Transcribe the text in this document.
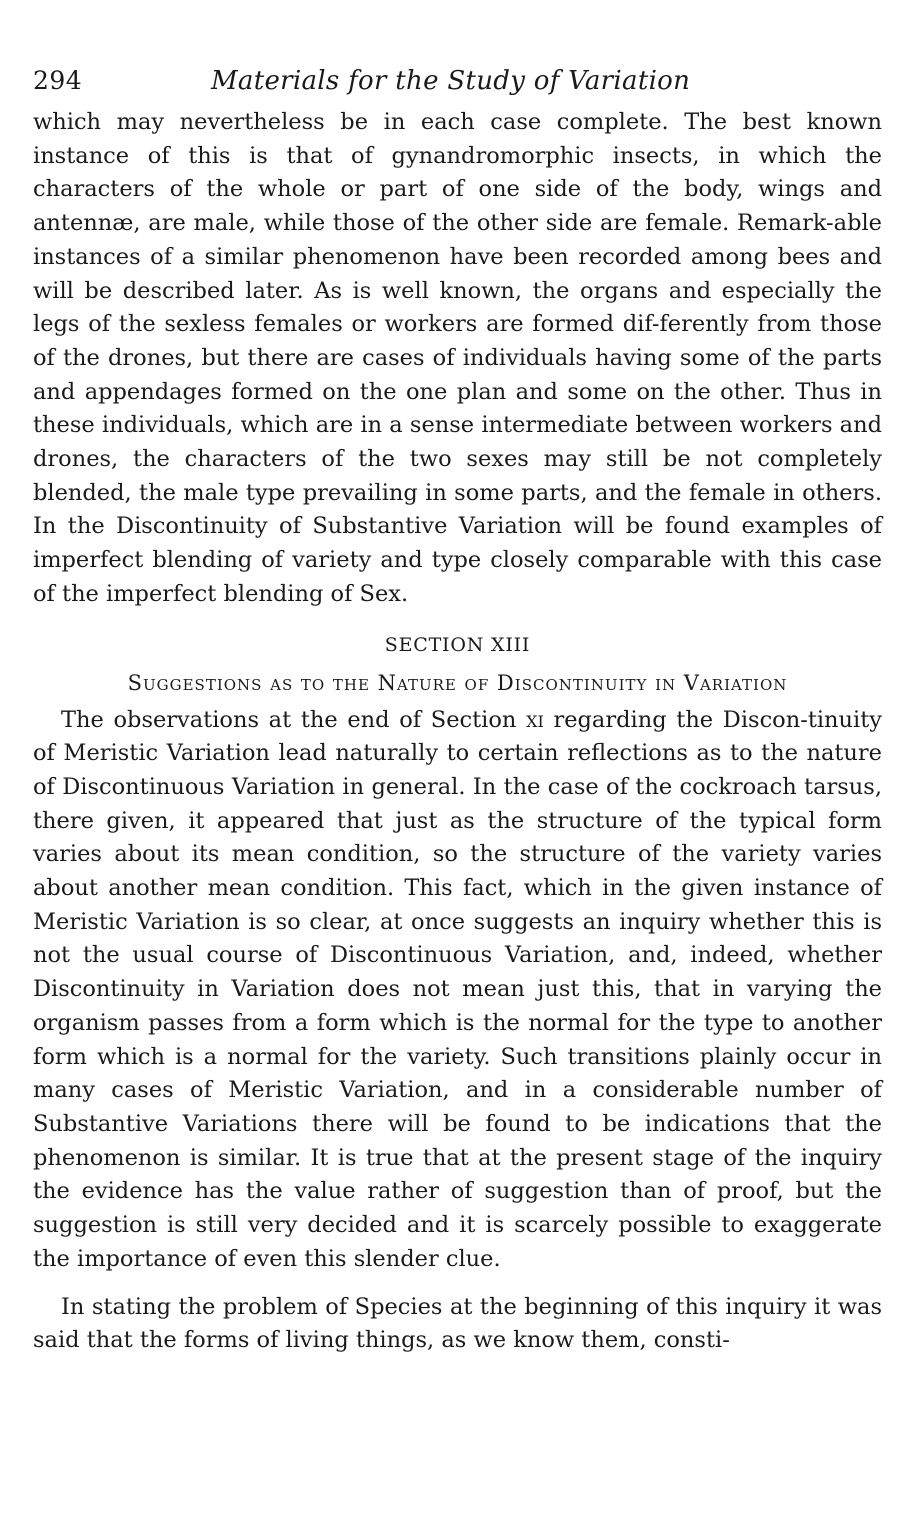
294	Materials for the Study of Variation

which may nevertheless be in each case complete. The best known instance of this is that of gynandromorphic insects, in which the characters of the whole or part of one side of the body, wings and antennæ, are male, while those of the other side are female. Remark-able instances of a similar phenomenon have been recorded among bees and will be described later. As is well known, the organs and especially the legs of the sexless females or workers are formed dif-ferently from those of the drones, but there are cases of individuals having some of the parts and appendages formed on the one plan and some on the other. Thus in these individuals, which are in a sense intermediate between workers and drones, the characters of the two sexes may still be not completely blended, the male type prevailing in some parts, and the female in others. In the Discontinuity of Substantive Variation will be found examples of imperfect blending of variety and type closely comparable with this case of the imperfect blending of Sex.

SECTION XIII
Suggestions as to the Nature of Discontinuity in Variation

The observations at the end of Section xi regarding the Discon-tinuity of Meristic Variation lead naturally to certain reflections as to the nature of Discontinuous Variation in general. In the case of the cockroach tarsus, there given, it appeared that just as the structure of the typical form varies about its mean condition, so the structure of the variety varies about another mean condition. This fact, which in the given instance of Meristic Variation is so clear, at once suggests an inquiry whether this is not the usual course of Discontinuous Variation, and, indeed, whether Discontinuity in Variation does not mean just this, that in varying the organism passes from a form which is the normal for the type to another form which is a normal for the variety. Such transitions plainly occur in many cases of Meristic Variation, and in a considerable number of Substantive Variations there will be found to be indications that the phenomenon is similar. It is true that at the present stage of the inquiry the evidence has the value rather of suggestion than of proof, but the suggestion is still very decided and it is scarcely possible to exaggerate the importance of even this slender clue.

In stating the problem of Species at the beginning of this inquiry it was said that the forms of living things, as we know them, consti-
